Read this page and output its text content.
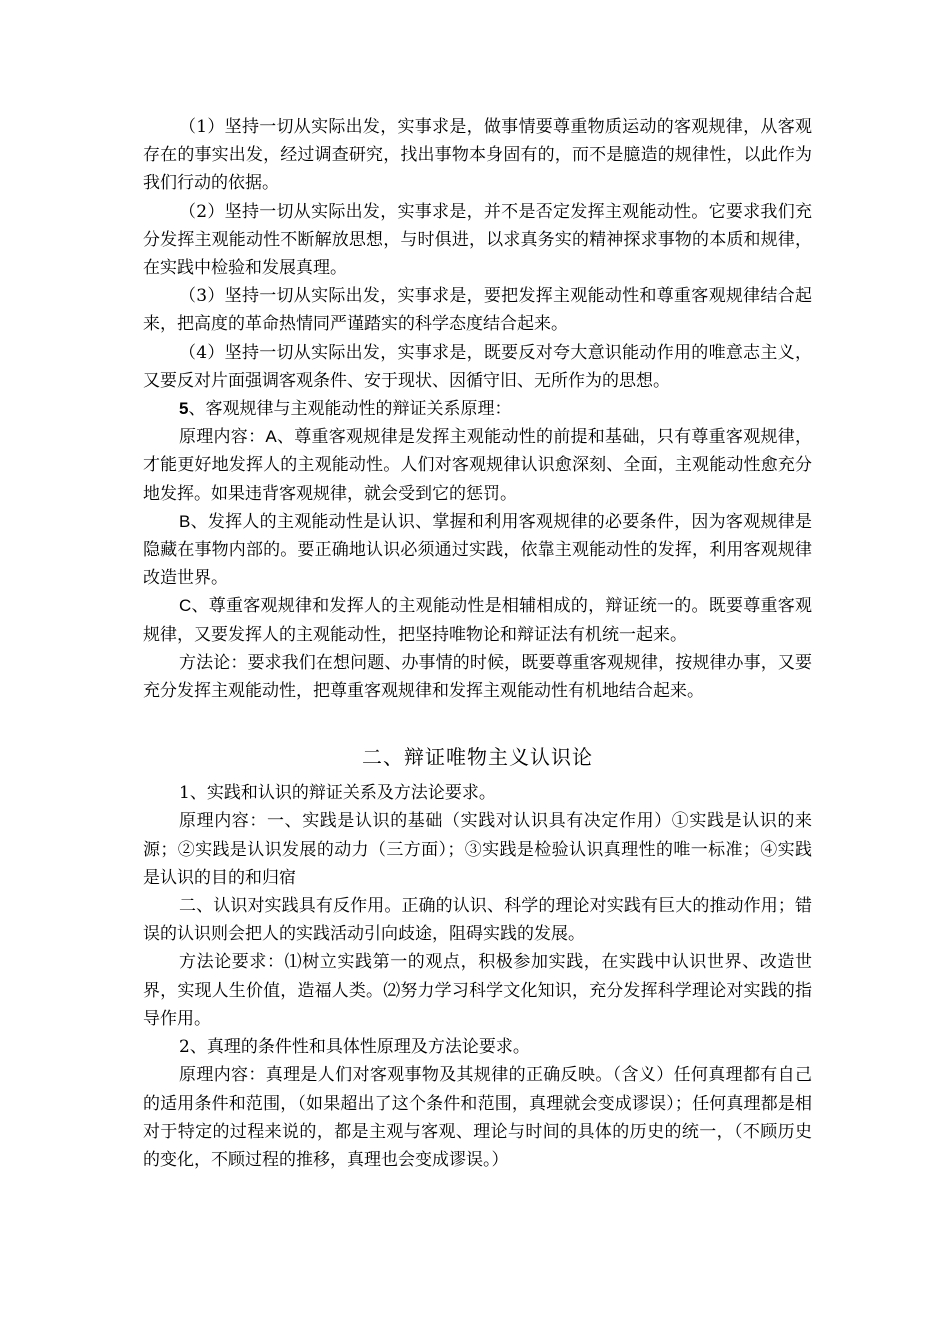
（1）坚持一切从实际出发，实事求是，做事情要尊重物质运动的客观规律，从客观存在的事实出发，经过调查研究，找出事物本身固有的，而不是臆造的规律性，以此作为我们行动的依据。

（2）坚持一切从实际出发，实事求是，并不是否定发挥主观能动性。它要求我们充分发挥主观能动性不断解放思想，与时俱进，以求真务实的精神探求事物的本质和规律，在实践中检验和发展真理。

（3）坚持一切从实际出发，实事求是，要把发挥主观能动性和尊重客观规律结合起来，把高度的革命热情同严谨踏实的科学态度结合起来。

（4）坚持一切从实际出发，实事求是，既要反对夸大意识能动作用的唯意志主义，又要反对片面强调客观条件、安于现状、因循守旧、无所作为的思想。

5、客观规律与主观能动性的辩证关系原理：

原理内容：A、尊重客观规律是发挥主观能动性的前提和基础，只有尊重客观规律，才能更好地发挥人的主观能动性。人们对客观规律认识愈深刻、全面，主观能动性愈充分地发挥。如果违背客观规律，就会受到它的惩罚。

B、发挥人的主观能动性是认识、掌握和利用客观规律的必要条件，因为客观规律是隐藏在事物内部的。要正确地认识必须通过实践，依靠主观能动性的发挥，利用客观规律改造世界。

C、尊重客观规律和发挥人的主观能动性是相辅相成的，辩证统一的。既要尊重客观规律，又要发挥人的主观能动性，把坚持唯物论和辩证法有机统一起来。

方法论：要求我们在想问题、办事情的时候，既要尊重客观规律，按规律办事，又要充分发挥主观能动性，把尊重客观规律和发挥主观能动性有机地结合起来。

二、辩证唯物主义认识论

1、实践和认识的辩证关系及方法论要求。

原理内容：一、实践是认识的基础（实践对认识具有决定作用）①实践是认识的来源；②实践是认识发展的动力（三方面）；③实践是检验认识真理性的唯一标准；④实践是认识的目的和归宿

二、认识对实践具有反作用。正确的认识、科学的理论对实践有巨大的推动作用；错误的认识则会把人的实践活动引向歧途，阻碍实践的发展。

方法论要求：⑴树立实践第一的观点，积极参加实践，在实践中认识世界、改造世界，实现人生价值，造福人类。⑵努力学习科学文化知识，充分发挥科学理论对实践的指导作用。

2、真理的条件性和具体性原理及方法论要求。

原理内容：真理是人们对客观事物及其规律的正确反映。（含义）任何真理都有自己的适用条件和范围，（如果超出了这个条件和范围，真理就会变成谬误）；任何真理都是相对于特定的过程来说的，都是主观与客观、理论与时间的具体的历史的统一，（不顾历史的变化，不顾过程的推移，真理也会变成谬误。）
